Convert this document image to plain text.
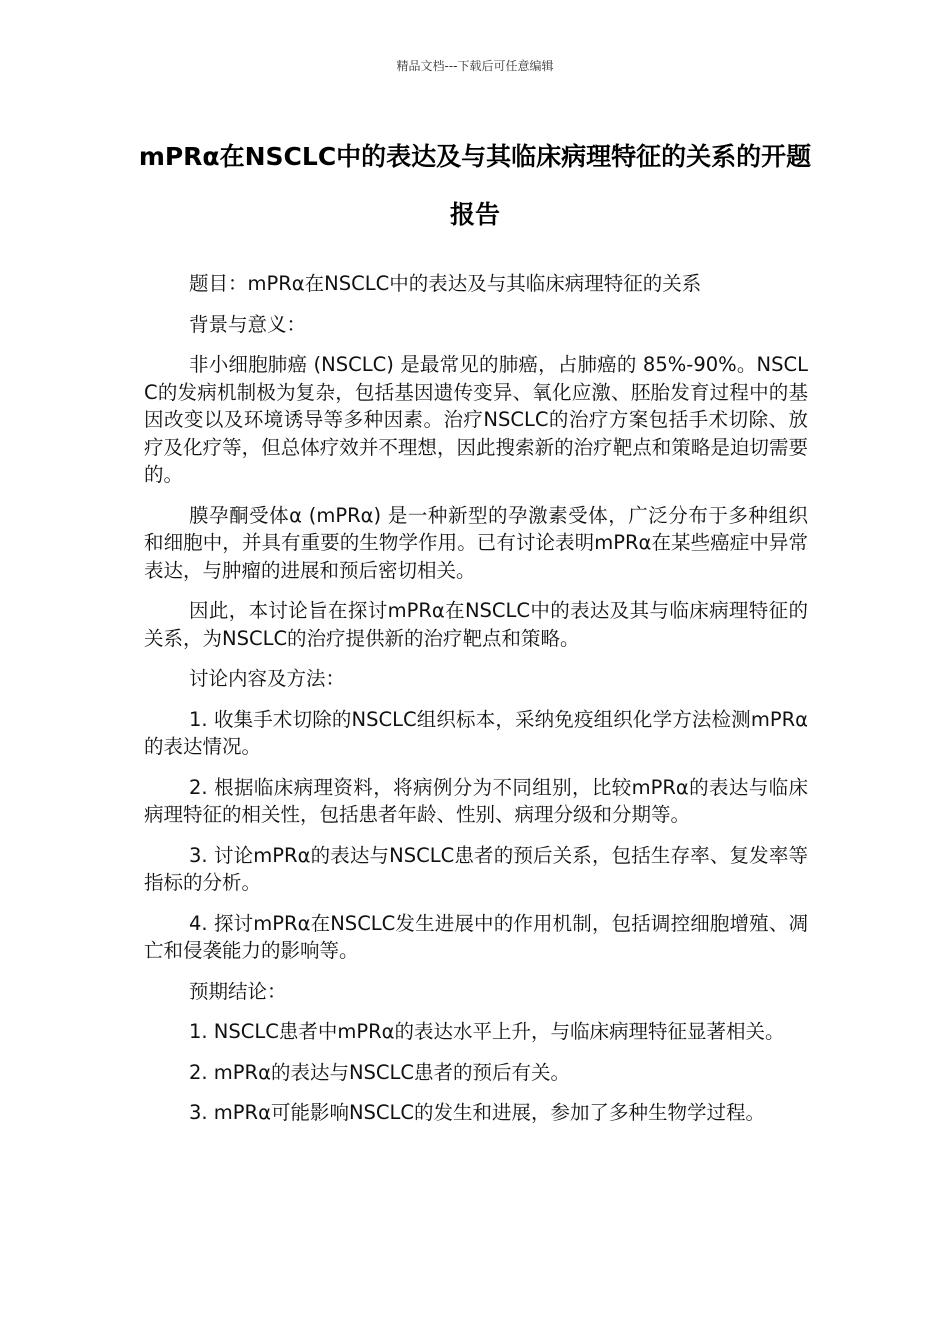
精品文档---下载后可任意编辑
mPRα在NSCLC中的表达及与其临床病理特征的关系的开题报告

题目：mPRα在NSCLC中的表达及与其临床病理特征的关系

背景与意义：

非小细胞肺癌 (NSCLC) 是最常见的肺癌，占肺癌的 85%-90%。NSCLC的发病机制极为复杂，包括基因遗传变异、氧化应激、胚胎发育过程中的基因改变以及环境诱导等多种因素。治疗NSCLC的治疗方案包括手术切除、放疗及化疗等，但总体疗效并不理想，因此搜索新的治疗靶点和策略是迫切需要的。

膜孕酮受体α (mPRα) 是一种新型的孕激素受体，广泛分布于多种组织和细胞中，并具有重要的生物学作用。已有讨论表明mPRα在某些癌症中异常表达，与肿瘤的进展和预后密切相关。

因此，本讨论旨在探讨mPRα在NSCLC中的表达及其与临床病理特征的关系，为NSCLC的治疗提供新的治疗靶点和策略。

讨论内容及方法：

1. 收集手术切除的NSCLC组织标本，采纳免疫组织化学方法检测mPRα的表达情况。

2. 根据临床病理资料，将病例分为不同组别，比较mPRα的表达与临床病理特征的相关性，包括患者年龄、性别、病理分级和分期等。

3. 讨论mPRα的表达与NSCLC患者的预后关系，包括生存率、复发率等指标的分析。

4. 探讨mPRα在NSCLC发生进展中的作用机制，包括调控细胞增殖、凋亡和侵袭能力的影响等。

预期结论：

1. NSCLC患者中mPRα的表达水平上升，与临床病理特征显著相关。

2. mPRα的表达与NSCLC患者的预后有关。

3. mPRα可能影响NSCLC的发生和进展，参加了多种生物学过程。
